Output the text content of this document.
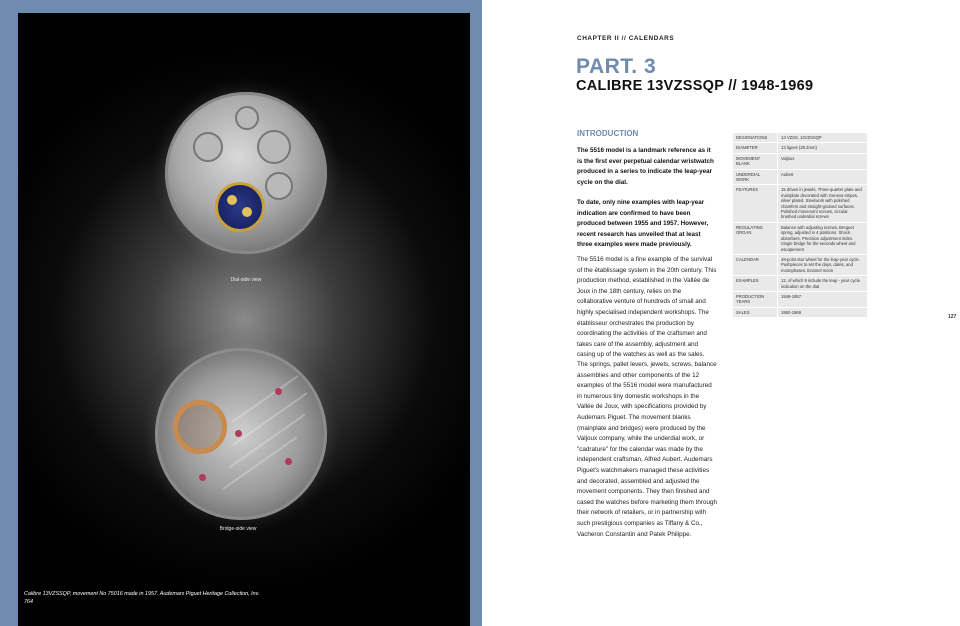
Dial-side view
Bridge-side view
Calibre 13VZSSQP, movement No 75016 made in 1957. Audemars Piguet Heritage Collection, Inv. 764
CHAPTER II // CALENDARS
PART. 3
CALIBRE 13VZSSQP // 1948-1969
INTRODUCTION

The 5516 model is a landmark reference as it is the first ever perpetual calendar wristwatch produced in a series to indicate the leap-year cycle on the dial.

To date, only nine examples with leap-year indication are confirmed to have been produced between 1955 and 1957. However, recent research has unveiled that at least three examples were made previously.

The 5516 model is a fine example of the survival of the établissage system in the 20th century. This production method, established in the Vallée de Joux in the 18th century, relies on the collaborative venture of hundreds of small and highly specialised independent workshops. The établisseur orchestrates the production by coordinating the activities of the craftsmen and takes care of the assembly, adjustment and casing up of the watches as well as the sales.

The springs, pallet levers, jewels, screws, balance assemblies and other components of the 12 examples of the 5516 model were manufactured in numerous tiny domestic workshops in the Vallée de Joux, with specifications provided by Audemars Piguet. The movement blanks (mainplate and bridges) were produced by the Valjoux company, while the underdial work, or "cadrature" for the calendar was made by the independent craftsman, Alfred Aubert. Audemars Piguet's watchmakers managed these activities and decorated, assembled and adjusted the movement components. They then finished and cased the watches before marketing them through their network of retailers, or in partnership with such prestigious companies as Tiffany & Co., Vacheron Constantin and Patek Philippe.

DESIGNATIONS	13 VZSS, 13VZSSQP
DIAMETER	13 lignes (29.3mm)
MOVEMENT BLANK	Valjoux
UNDERDIAL WORK	Aubert
FEATURES	15 driven in jewels. Three-quarter plate and mainplate decorated with Geneva stripes, silver plated. Steelwork with polished chamfers and straight-grained surfaces. Polished movement screws, circular brushed underdial screws
REGULATING ORGAN	Balance with adjusting screws, Breguet spring, adjusted in 4 positions. Shock absorbers. Precision adjustment index. Single bridge for the seconds wheel and escapement
CALENDAR	48-point star wheel for the leap-year cycle. Pushpieces to set the days, dates, and moonphases. Enamel moon
EXAMPLES	12, of which 9 include the leap - year cycle indication on the dial
PRODUCTION YEARS	1948-1957
SALES	1950-1969
127
